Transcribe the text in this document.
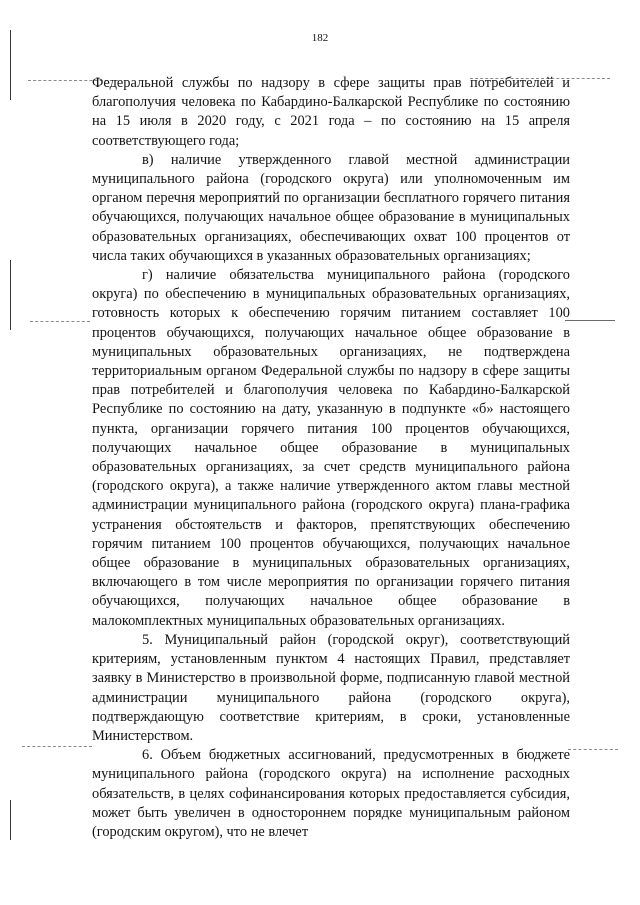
182

Федеральной службы по надзору в сфере защиты прав потребителей и благополучия человека по Кабардино-Балкарской Республике по состоянию на 15 июля в 2020 году, с 2021 года – по состоянию на 15 апреля соответствующего года;

в) наличие утвержденного главой местной администрации муниципального района (городского округа) или уполномоченным им органом перечня мероприятий по организации бесплатного горячего питания обучающихся, получающих начальное общее образование в муниципальных образовательных организациях, обеспечивающих охват 100 процентов от числа таких обучающихся в указанных образовательных организациях;

г) наличие обязательства муниципального района (городского округа) по обеспечению в муниципальных образовательных организациях, готовность которых к обеспечению горячим питанием составляет 100 процентов обучающихся, получающих начальное общее образование в муниципальных образовательных организациях, не подтверждена территориальным органом Федеральной службы по надзору в сфере защиты прав потребителей и благополучия человека по Кабардино-Балкарской Республике по состоянию на дату, указанную в подпункте «б» настоящего пункта, организации горячего питания 100 процентов обучающихся, получающих начальное общее образование в муниципальных образовательных организациях, за счет средств муниципального района (городского округа), а также наличие утвержденного актом главы местной администрации муниципального района (городского округа) плана-графика устранения обстоятельств и факторов, препятствующих обеспечению горячим питанием 100 процентов обучающихся, получающих начальное общее образование в муниципальных образовательных организациях, включающего в том числе мероприятия по организации горячего питания обучающихся, получающих начальное общее образование в малокомплектных муниципальных образовательных организациях.

5. Муниципальный район (городской округ), соответствующий критериям, установленным пунктом 4 настоящих Правил, представляет заявку в Министерство в произвольной форме, подписанную главой местной администрации муниципального района (городского округа), подтверждающую соответствие критериям, в сроки, установленные Министерством.

6. Объем бюджетных ассигнований, предусмотренных в бюджете муниципального района (городского округа) на исполнение расходных обязательств, в целях софинансирования которых предоставляется субсидия, может быть увеличен в одностороннем порядке муниципальным районом (городским округом), что не влечет
